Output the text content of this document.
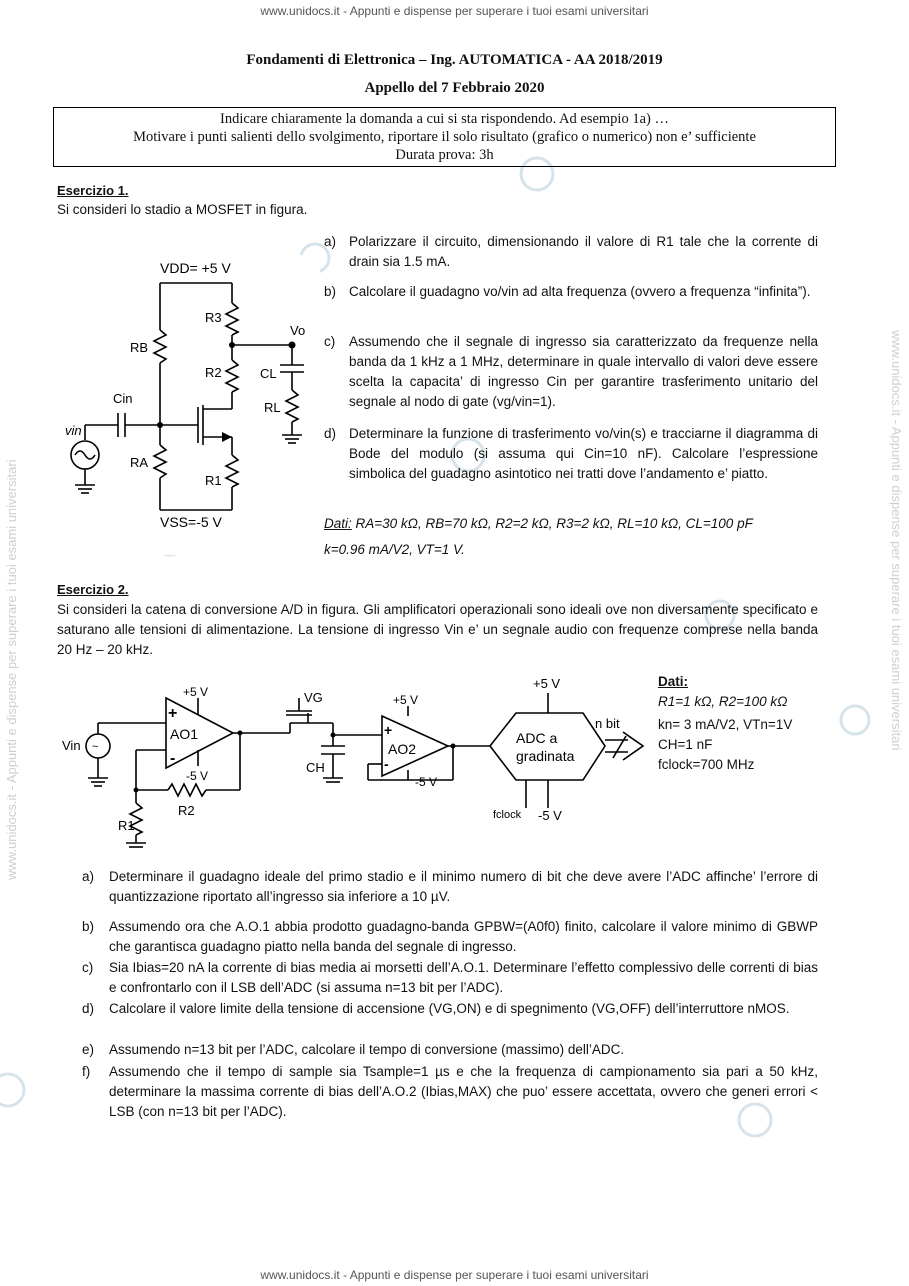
www.unidocs.it - Appunti e dispense per superare i tuoi esami universitari
www.unidocs.it - Appunti e dispense per superare i tuoi esami universitari
www.unidocs.it - Appunti e dispense per superare i tuoi esami universitari	www.unidocs.it - Appunti e dispense per superare i tuoi esami universitari
Fondamenti di Elettronica – Ing. AUTOMATICA - AA 2018/2019
Appello del 7 Febbraio 2020
Indicare chiaramente la domanda a cui si sta rispondendo. Ad esempio 1a) …
Motivare i punti salienti dello svolgimento, riportare il solo risultato (grafico o numerico) non e’ sufficiente
Durata prova: 3h
Esercizio 1.
Si consideri lo stadio a MOSFET in figura.
VDD= +5 V
VSS=-5 V
RB
RA
R1
R2
R3
RL
CL
Cin
vin
Vo
a) Polarizzare il circuito, dimensionando il valore di R1 tale che la corrente di drain sia 1.5 mA.
b) Calcolare il guadagno vo/vin ad alta frequenza (ovvero a frequenza “infinita”).
c) Assumendo che il segnale di ingresso sia caratterizzato da frequenze nella banda da 1 kHz a 1 MHz, determinare in quale intervallo di valori deve essere scelta la capacita’ di ingresso Cin per garantire trasferimento unitario del segnale al nodo di gate (vg/vin=1).
d) Determinare la funzione di trasferimento vo/vin(s) e tracciarne il diagramma di Bode del modulo (si assuma qui Cin=10 nF). Calcolare l’espressione simbolica del guadagno asintotico nei tratti dove l’andamento e’ piatto.
Dati: RA=30 kΩ, RB=70 kΩ, R2=2 kΩ, R3=2 kΩ, RL=10 kΩ, CL=100 pF
k=0.96 mA/V2, VT=1 V.
Esercizio 2.
Si consideri la catena di conversione A/D in figura. Gli amplificatori operazionali sono ideali ove non diversamente specificato e saturano alle tensioni di alimentazione. La tensione di ingresso Vin e’ un segnale audio con frequenze comprese nella banda 20 Hz – 20 kHz.
~
+
-
AO1	+
-
AO2
+5 V
-5 V
+5 V
-5 V
VG
CH
R1
R2
Vin	ADC a
gradinata
+5 V
-5 V
fclock
n bit
Dati:
R1=1 kΩ, R2=100 kΩ
kn= 3 mA/V2, VTn=1V
CH=1 nF
fclock=700 MHz
a) Determinare il guadagno ideale del primo stadio e il minimo numero di bit che deve avere l’ADC affinche’ l’errore di quantizzazione riportato all’ingresso sia inferiore a 10 µV.
b) Assumendo ora che A.O.1 abbia prodotto guadagno-banda GPBW=(A0f0) finito, calcolare il valore minimo di GBWP che garantisca guadagno piatto nella banda del segnale di ingresso.
c) Sia Ibias=20 nA la corrente di bias media ai morsetti dell’A.O.1. Determinare l’effetto complessivo delle correnti di bias e confrontarlo con il LSB dell’ADC (si assuma n=13 bit per l’ADC).
d) Calcolare il valore limite della tensione di accensione (VG,ON) e di spegnimento (VG,OFF) dell’interruttore nMOS.
e) Assumendo n=13 bit per l’ADC, calcolare il tempo di conversione (massimo) dell’ADC.
f) Assumendo che il tempo di sample sia Tsample=1 µs e che la frequenza di campionamento sia pari a 50 kHz, determinare la massima corrente di bias dell’A.O.2 (Ibias,MAX) che puo’ essere accettata, ovvero che generi errori < LSB (con n=13 bit per l’ADC).
